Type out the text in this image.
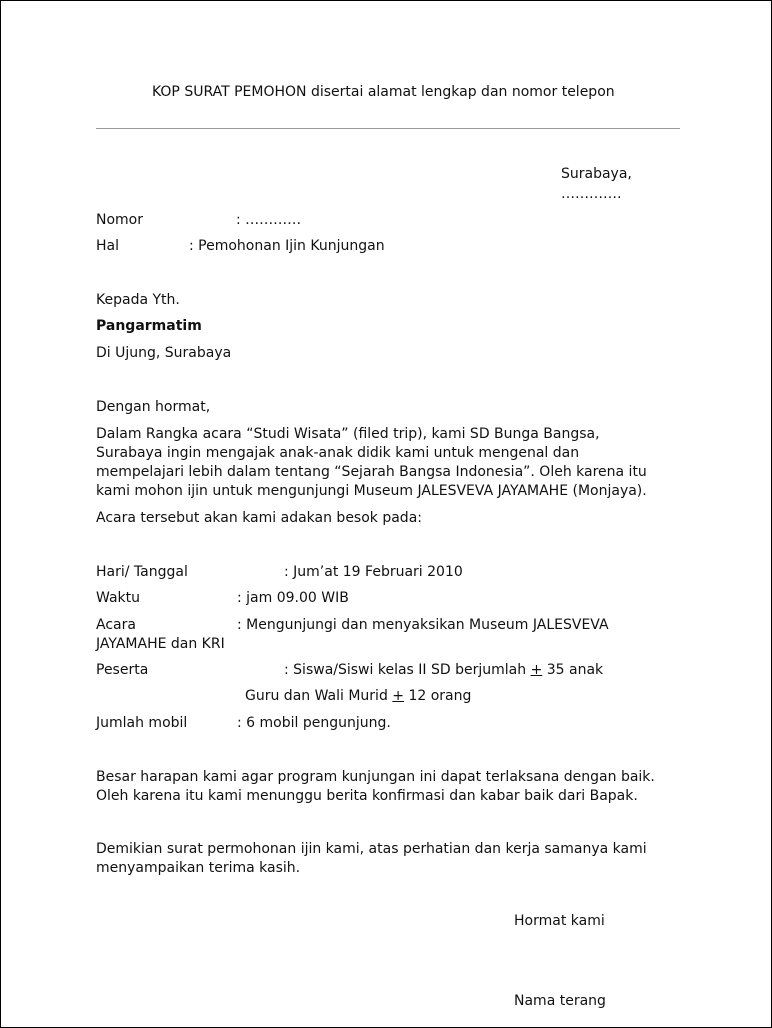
KOP SURAT PEMOHON disertai alamat lengkap dan nomor telepon
Surabaya,
………….
Nomor	: …………
Hal	: Pemohonan Ijin Kunjungan
Kepada Yth.
Pangarmatim
Di Ujung, Surabaya
Dengan hormat,
Dalam Rangka acara “Studi Wisata” (filed trip), kami SD Bunga Bangsa,
Surabaya ingin mengajak anak-anak didik kami untuk mengenal dan
mempelajari lebih dalam tentang “Sejarah Bangsa Indonesia”. Oleh karena itu
kami mohon ijin untuk mengunjungi Museum JALESVEVA JAYAMAHE (Monjaya).
Acara tersebut akan kami adakan besok pada:
Hari/ Tanggal	: Jum’at 19 Februari 2010
Waktu	: jam 09.00 WIB
Acara	: Mengunjungi dan menyaksikan Museum JALESVEVA
JAYAMAHE dan KRI
Peserta	: Siswa/Siswi kelas II SD berjumlah + 35 anak
Guru dan Wali Murid + 12 orang
Jumlah mobil	: 6 mobil pengunjung.
Besar harapan kami agar program kunjungan ini dapat terlaksana dengan baik.
Oleh karena itu kami menunggu berita konfirmasi dan kabar baik dari Bapak.
Demikian surat permohonan ijin kami, atas perhatian dan kerja samanya kami
menyampaikan terima kasih.
Hormat kami
Nama terang
